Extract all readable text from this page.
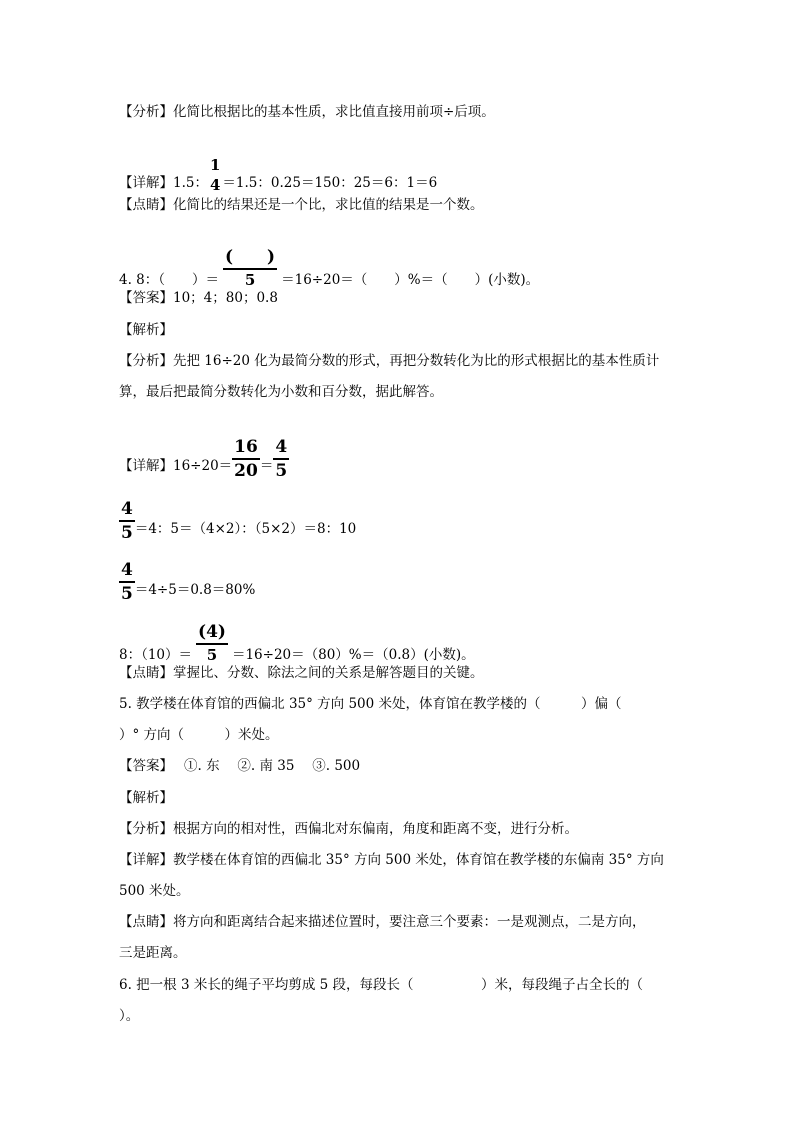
【分析】化简比根据比的基本性质，求比值直接用前项÷后项。
【详解】1.5：
1
4 ＝1.5：0.25＝150：25＝6：1＝6
【点睛】化简比的结果还是一个比，求比值的结果是一个数。
4. 8：（　　）＝ $\frac{( )}{5} =16\div 20=$（　　）%＝（　　）(小数)。
【答案】10；4；80；0.8
【解析】
【分析】先把 16÷20 化为最简分数的形式，再把分数转化为比的形式根据比的基本性质计
算，最后把最简分数转化为小数和百分数，据此解答。
【详解】$16\div 20= \frac{16}{20} = \frac{4}{5}$
$\frac{4}{5} =4$：5＝（4×2）：（5×2）＝8：10
$\frac{4}{5} =4\div 5=0.8=80\%$
8：$(10)= \frac{(4)}{5} =16\div 20=(80)\%=(0.8)$(小数)。
【点睛】掌握比、分数、除法之间的关系是解答题目的关键。
5. 教学楼在体育馆的西偏北 35° 方向 500 米处，体育馆在教学楼的（　　　）偏（
）° 方向（　　　）米处。
【答案】　 ①. 东　 ②. 南 35　 ③. 500
【解析】
【分析】根据方向的相对性，西偏北对东偏南，角度和距离不变，进行分析。
【详解】教学楼在体育馆的西偏北 35° 方向 500 米处，体育馆在教学楼的东偏南 35° 方向
500 米处。
【点睛】将方向和距离结合起来描述位置时，要注意三个要素：一是观测点，二是方向，
三是距离。
6. 把一根 3 米长的绳子平均剪成 5 段，每段长（　　　　　）米，每段绳子占全长的（
）。
